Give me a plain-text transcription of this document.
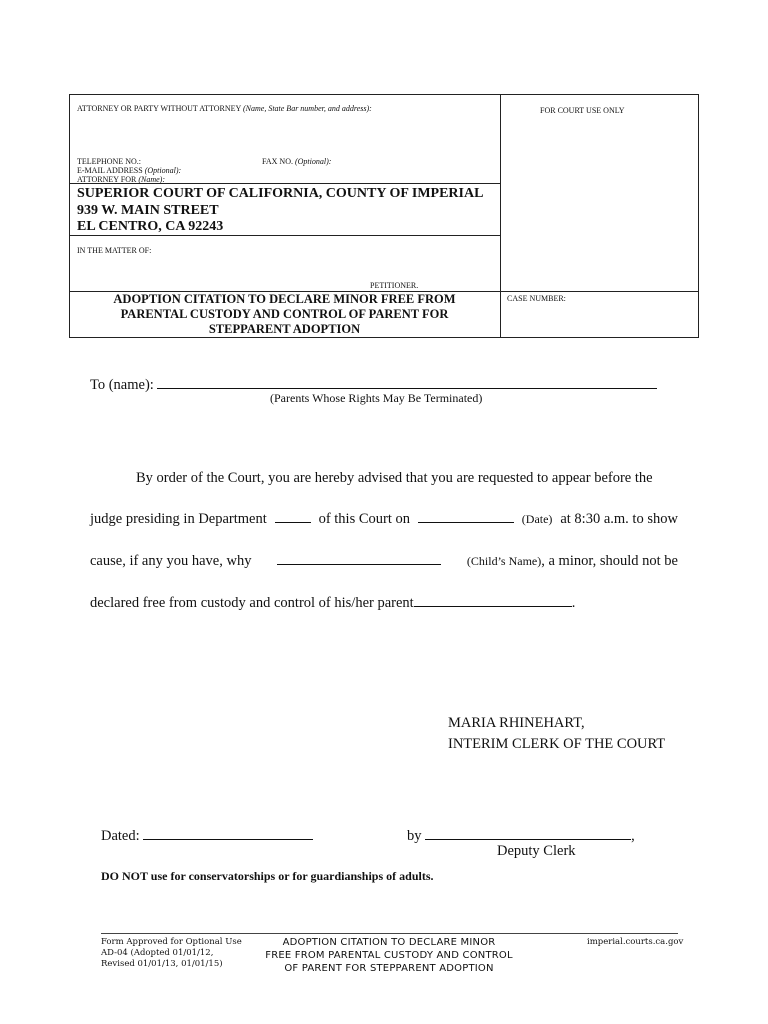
ATTORNEY OR PARTY WITHOUT ATTORNEY (Name, State Bar number, and address):	FOR COURT USE ONLY
TELEPHONE NO.:	FAX NO. (Optional):
E-MAIL ADDRESS (Optional):
ATTORNEY FOR (Name):
SUPERIOR COURT OF CALIFORNIA, COUNTY OF IMPERIAL
939 W. MAIN STREET
EL CENTRO, CA 92243
IN THE MATTER OF:
PETITIONER.
ADOPTION CITATION TO DECLARE MINOR FREE FROM
PARENTAL CUSTODY AND CONTROL OF PARENT FOR
STEPPARENT ADOPTION
CASE NUMBER:
To (name):
(Parents Whose Rights May Be Terminated)
By order of the Court, you are hereby advised that you are requested to appear before the
judge presiding in Department	of this Court on	(Date) at 8:30 a.m. to show
cause, if any you have, why	(Child’s Name), a minor, should not be
declared free from custody and control of his/her parent	.
MARIA RHINEHART,
INTERIM CLERK OF THE COURT
Dated:	by	,
Deputy Clerk
DO NOT use for conservatorships or for guardianships of adults.
Form Approved for Optional Use
AD-04 (Adopted 01/01/12,
Revised 01/01/13, 01/01/15)
ADOPTION CITATION TO DECLARE MINOR
FREE FROM PARENTAL CUSTODY AND CONTROL
OF PARENT FOR STEPPARENT ADOPTION
imperial.courts.ca.gov
